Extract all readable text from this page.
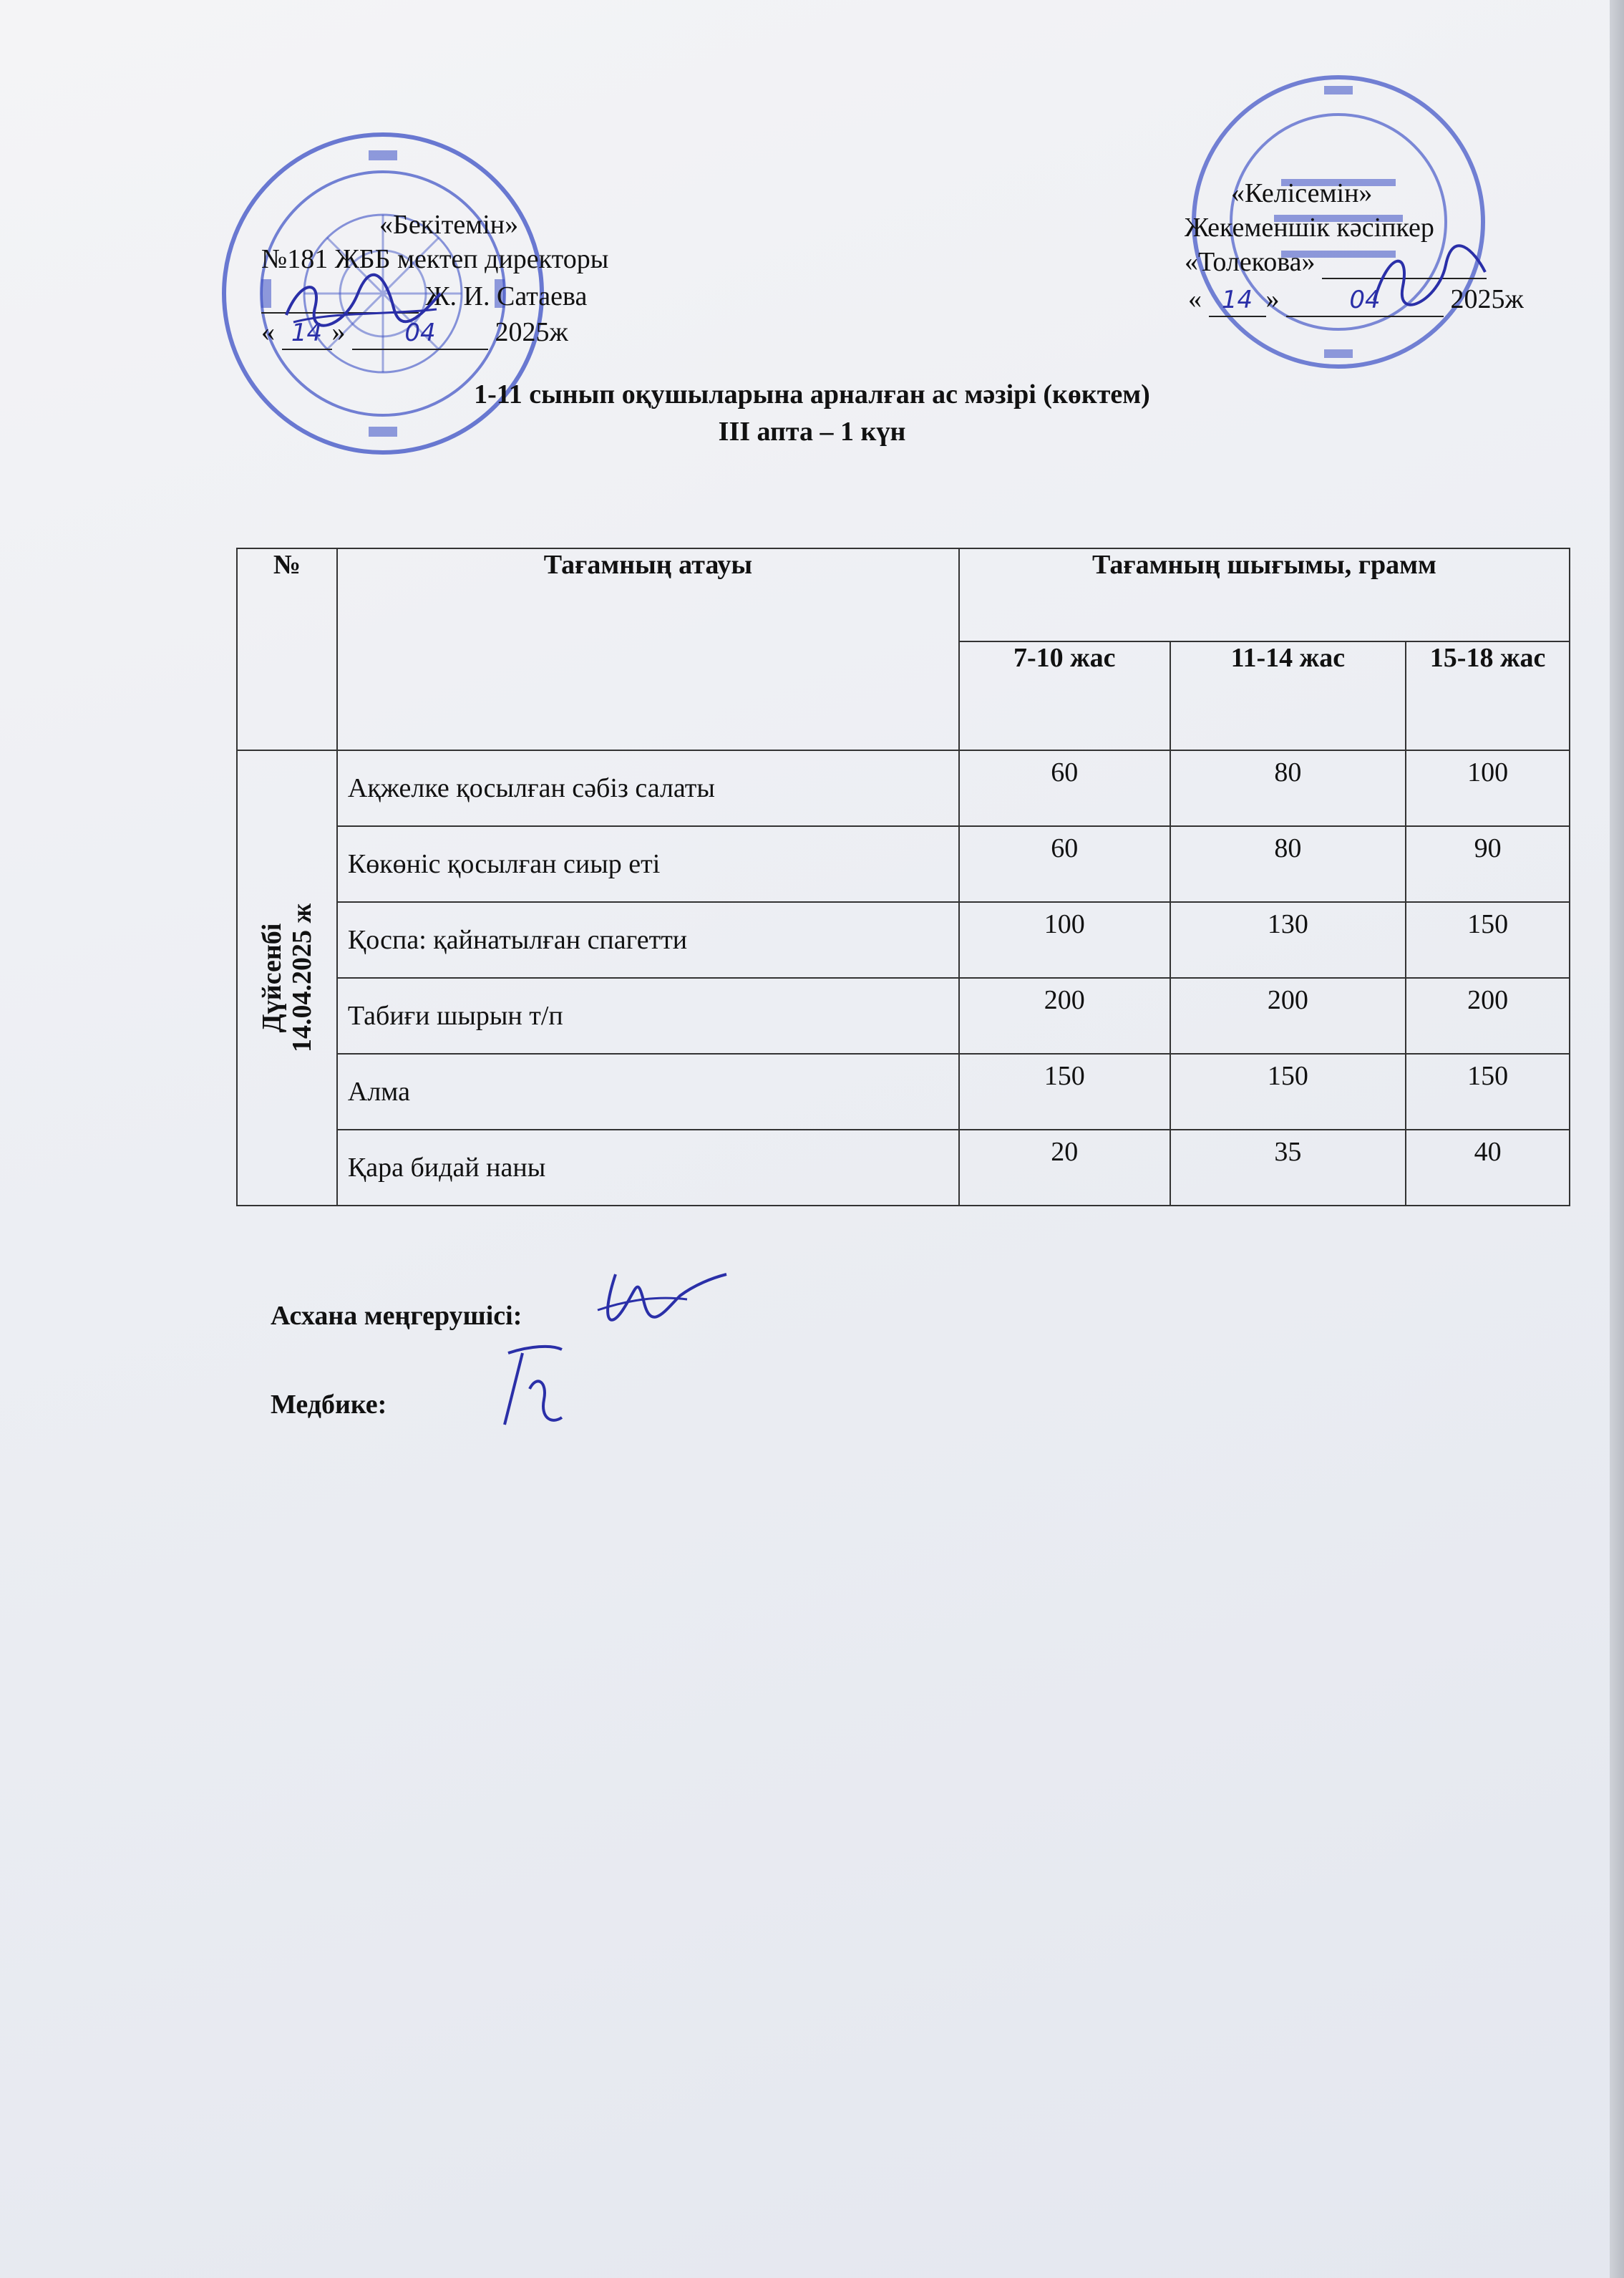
«Бекітемін»
№181 ЖББ мектеп директоры
Ж. И. Сатаева
« 14 » 04 2025ж
«Келісемін»
Жекеменшік кәсіпкер
«Толекова»
« 14 »	04	2025ж
1-11 сынып оқушыларына арналған ас мәзірі (көктем)
III апта – 1 күн
№	Тағамның атауы	Тағамның шығымы, грамм		
		7-10 жас	11-14 жас	15-18 жас

Дүйсенбі 14.04.2025 ж	Ақжелке қосылған сәбіз салаты	60	80	100
	Көкөніс қосылған сиыр еті	60	80	90
	Қоспа: қайнатылған спагетти	100	130	150
	Табиғи шырын т/п	200	200	200
	Алма	150	150	150
	Қара бидай наны	20	35	40
Асхана меңгерушісі:
Медбике:
